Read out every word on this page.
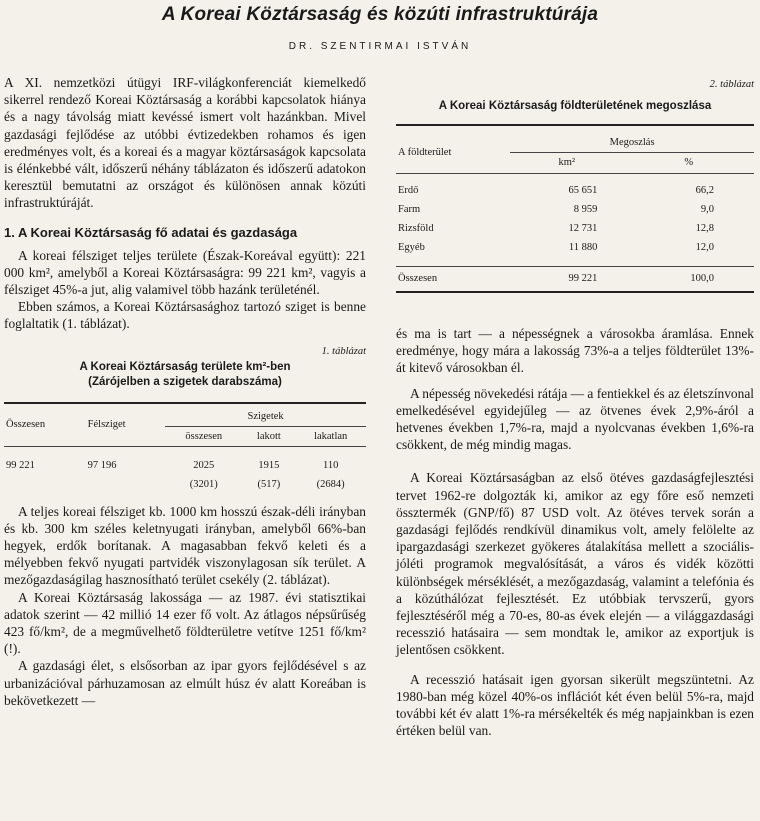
A Koreai Köztársaság és közúti infrastruktúrája
DR. SZENTIRMAI ISTVÁN

A XI. nemzetközi útügyi IRF-világkonferenciát kiemelkedő sikerrel rendező Koreai Köztársaság a korábbi kapcsolatok hiánya és a nagy távolság miatt kevéssé ismert volt hazánkban. Mivel gazdasági fejlődése az utóbbi évtizedekben rohamos és igen eredményes volt, és a koreai és a magyar köztársaságok kapcsolata is élénkebbé vált, időszerű néhány táblázaton és időszerű adatokon keresztül bemutatni az országot és különösen annak közúti infrastruktúráját.

1. A Koreai Köztársaság fő adatai és gazdasága

A koreai félsziget teljes területe (Észak-Koreával együtt): 221 000 km², amelyből a Koreai Köztársaságra: 99 221 km², vagyis a félsziget 45%-a jut, alig valamivel több hazánk területénél.

Ebben számos, a Koreai Köztársasághoz tartozó sziget is benne foglaltatik (1. táblázat).

1. táblázat
A Koreai Köztársaság területe km²-ben
(Zárójelben a szigetek darabszáma)
Összesen	Félsziget	Szigetek		
		összesen	lakott	lakatlan
99 221	97 196	2025	1915	110
		(3201)	(517)	(2684)

A teljes koreai félsziget kb. 1000 km hosszú észak-déli irányban és kb. 300 km széles keletnyugati irányban, amelyből 66%-ban hegyek, erdők borítanak. A magasabban fekvő keleti és a mélyebben fekvő nyugati partvidék viszonylagosan sík terület. A mezőgazdaságilag hasznosítható terület csekély (2. táblázat).

A Koreai Köztársaság lakossága — az 1987. évi statisztikai adatok szerint — 42 millió 14 ezer fő volt. Az átlagos népsűrűség 423 fő/km², de a megművelhető földterületre vetítve 1251 fő/km² (!).

A gazdasági élet, s elsősorban az ipar gyors fejlődésével s az urbanizációval párhuzamosan az elmúlt húsz év alatt Koreában is bekövetkezett —

2. táblázat
A Koreai Köztársaság földterületének megoszlása
A földterület	Megoszlás	
	km²	%
Erdő	65 651	66,2
Farm	8 959	9,0
Rizsföld	12 731	12,8
Egyéb	11 880	12,0
Összesen	99 221	100,0

és ma is tart — a népességnek a városokba áramlása. Ennek eredménye, hogy mára a lakosság 73%-a a teljes földterület 13%-át kitevő városokban él.

A népesség növekedési rátája — a fentiekkel és az életszínvonal emelkedésével egyidejűleg — az ötvenes évek 2,9%-áról a hetvenes években 1,7%-ra, majd a nyolcvanas években 1,6%-ra csökkent, de még mindig magas.

A Koreai Köztársaságban az első ötéves gazdaságfejlesztési tervet 1962-re dolgozták ki, amikor az egy főre eső nemzeti össztermék (GNP/fő) 87 USD volt. Az ötéves tervek során a gazdasági fejlődés rendkívül dinamikus volt, amely felölelte az ipargazdasági szerkezet gyökeres átalakítása mellett a szociális-jóléti programok megvalósítását, a város és vidék közötti különbségek mérséklését, a mezőgazdaság, valamint a telefónia és a közúthálózat fejlesztését. Ez utóbbiak tervszerű, gyors fejlesztéséről még a 70-es, 80-as évek elején — a világgazdasági recesszió hatásaira — sem mondtak le, amikor az exportjuk is jelentősen csökkent.

A recesszió hatásait igen gyorsan sikerült megszüntetni. Az 1980-ban még közel 40%-os inflációt két éven belül 5%-ra, majd további két év alatt 1%-ra mérsékelték és még napjainkban is ezen értéken belül van.
